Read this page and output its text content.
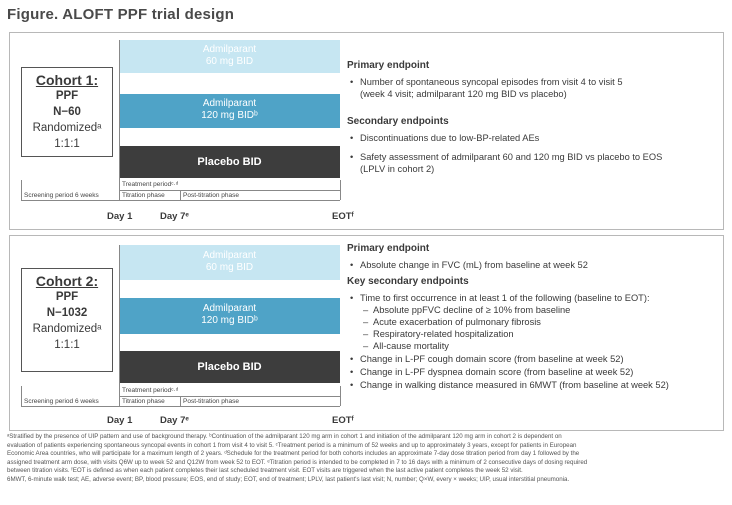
Figure. ALOFT PPF trial design
Cohort 1:
PPF
N−60
Randomizedᵃ
1:1:1
Admilparant
60 mg BID
Admilparant
120 mg BIDᵇ
Placebo BID
Treatment periodᶜ·ᵈ
Screening period 6 weeks	Titration phase	Post-titration phase
Day 1	Day 7ᵉ	EOTᶠ
Primary endpoint
• Number of spontaneous syncopal episodes from visit 4 to visit 5
(week 4 visit; admilparant 120 mg BID vs placebo)
Secondary endpoints
• Discontinuations due to low-BP-related AEs
• Safety assessment of admilparant 60 and 120 mg BID vs placebo to EOS
(LPLV in cohort 2)
Cohort 2:
PPF
N−1032
Randomizedᵃ
1:1:1
Admilparant
60 mg BID
Admilparant
120 mg BIDᵇ
Placebo BID
Treatment periodᶜ·ᵈ
Screening period 6 weeks	Titration phase	Post-titration phase
Day 1	Day 7ᵉ	EOTᶠ
Primary endpoint
• Absolute change in FVC (mL) from baseline at week 52
Key secondary endpoints
• Time to first occurrence in at least 1 of the following (baseline to EOT):
– Absolute ppFVC decline of ≥ 10% from baseline
– Acute exacerbation of pulmonary fibrosis
– Respiratory-related hospitalization
– All-cause mortality
• Change in L-PF cough domain score (from baseline at week 52)
• Change in L-PF dyspnea domain score (from baseline at week 52)
• Change in walking distance measured in 6MWT (from baseline at week 52)
ᵃStratified by the presence of UIP pattern and use of background therapy. ᵇContinuation of the admilparant 120 mg arm in cohort 1 and initiation of the admilparant 120 mg arm in cohort 2 is dependent on
evaluation of patients experiencing spontaneous syncopal events in cohort 1 from visit 4 to visit 5. ᶜTreatment period is a minimum of 52 weeks and up to approximately 3 years, except for patients in European
Economic Area countries, who will participate for a maximum length of 2 years. ᵈSchedule for the treatment period for both cohorts includes an approximate 7-day dose titration period from day 1 followed by the
assigned treatment arm dose, with visits Q6W up to week 52 and Q12W from week 52 to EOT. ᵉTitration period is intended to be completed in 7 to 16 days with a minimum of 2 consecutive days of dosing required
between titration visits. ᶠEOT is defined as when each patient completes their last scheduled treatment visit. EOT visits are triggered when the last active patient completes the week 52 visit.
6MWT, 6-minute walk test; AE, adverse event; BP, blood pressure; EOS, end of study; EOT, end of treatment; LPLV, last patient's last visit; N, number; Q×W, every × weeks; UIP, usual interstitial pneumonia.
